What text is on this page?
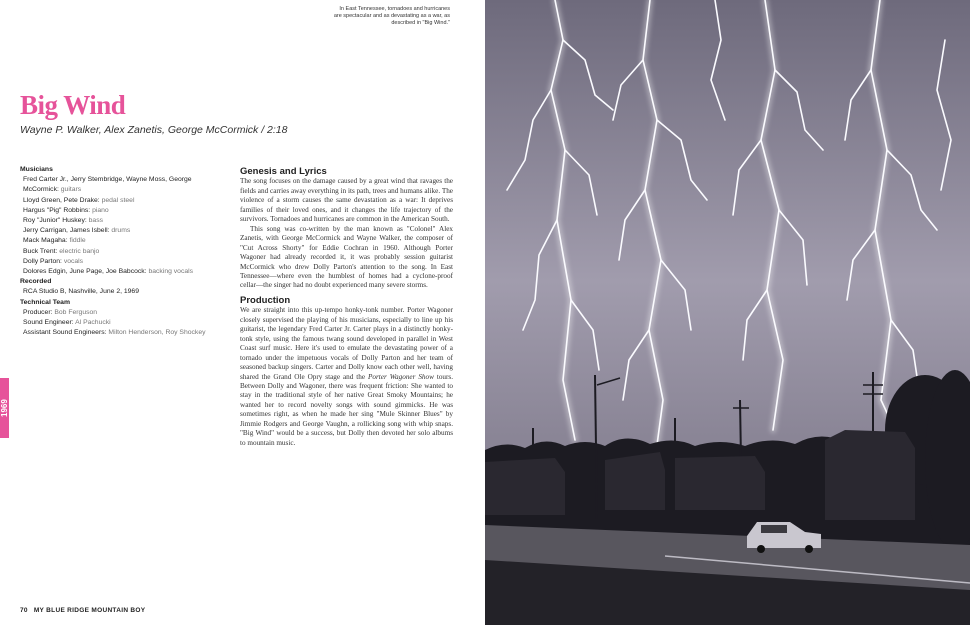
In East Tennessee, tornadoes and hurricanes are spectacular and as devastating as a war, as described in "Big Wind."
Big Wind
Wayne P. Walker, Alex Zanetis, George McCormick / 2:18
Musicians
Fred Carter Jr., Jerry Stembridge, Wayne Moss, George
McCormick: guitars
Lloyd Green, Pete Drake: pedal steel
Hargus "Pig" Robbins: piano
Roy "Junior" Huskey: bass
Jerry Carrigan, James Isbell: drums
Mack Magaha: fiddle
Buck Trent: electric banjo
Dolly Parton: vocals
Dolores Edgin, June Page, Joe Babcock: backing vocals
Recorded
RCA Studio B, Nashville, June 2, 1969
Technical Team
Producer: Bob Ferguson
Sound Engineer: Al Pachucki
Assistant Sound Engineers: Milton Henderson, Roy Shockey
Genesis and Lyrics

The song focuses on the damage caused by a great wind that ravages the fields and carries away everything in its path, trees and humans alike. The violence of a storm causes the same devastation as a war: It deprives families of their loved ones, and it changes the life trajectory of the survivors. Tornadoes and hurricanes are common in the American South.

This song was co-written by the man known as "Colonel" Alex Zanetis, with George McCormick and Wayne Walker, the composer of "Cut Across Shorty" for Eddie Cochran in 1960. Although Porter Wagoner had already recorded it, it was probably session guitarist McCormick who drew Dolly Parton's attention to the song. In East Tennessee—where even the humblest of homes had a cyclone-proof cellar—the singer had no doubt experienced many severe storms.

Production

We are straight into this up-tempo honky-tonk number. Porter Wagoner closely supervised the playing of his musicians, especially to line up his guitarist, the legendary Fred Carter Jr. Carter plays in a distinctly honky-tonk style, using the famous twang sound developed in parallel in West Coast surf music. Here it's used to emulate the devastating power of a tornado under the impetuous vocals of Dolly Parton and her team of seasoned backup singers. Carter and Dolly know each other well, having shared the Grand Ole Opry stage and the Porter Wagoner Show tours. Between Dolly and Wagoner, there was frequent friction: She wanted to stay in the traditional style of her native Great Smoky Mountains; he wanted her to record novelty songs with sound gimmicks. He was sometimes right, as when he made her sing "Mule Skinner Blues" by Jimmie Rodgers and George Vaughn, a rollicking song with whip snaps. "Big Wind" would be a success, but Dolly then devoted her solo albums to mountain music.

1969
70 MY BLUE RIDGE MOUNTAIN BOY
